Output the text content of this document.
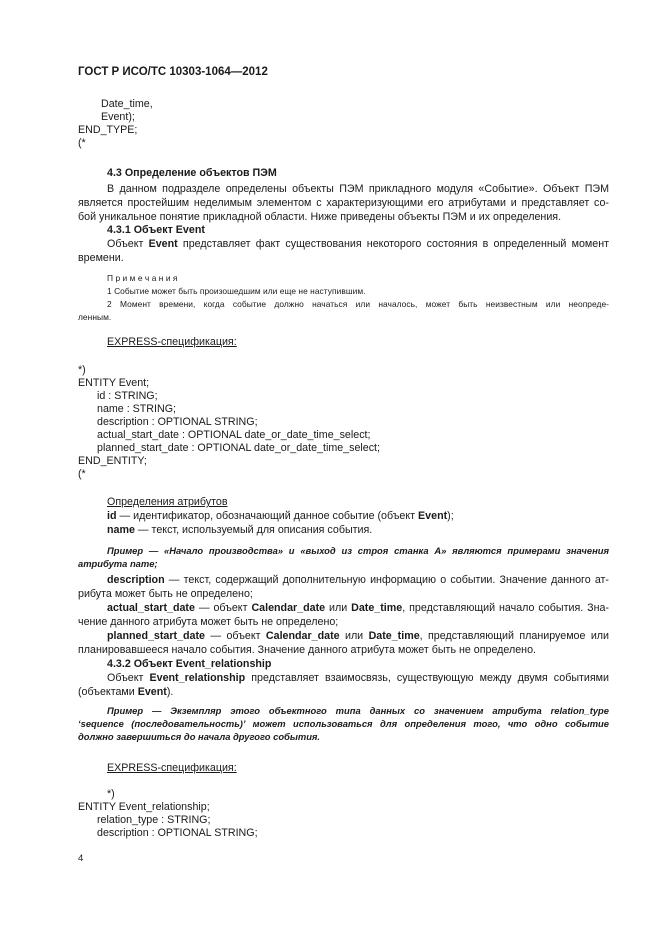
ГОСТ Р ИСО/ТС 10303-1064—2012
Date_time,
Event);
END_TYPE;
(*
4.3 Определение объектов ПЭМ
В данном подразделе определены объекты ПЭМ прикладного модуля «Событие». Объект ПЭМ
является простейшим неделимым элементом с характеризующими его атрибутами и представляет со-
бой уникальное понятие прикладной области. Ниже приведены объекты ПЭМ и их определения.
4.3.1 Объект Event
Объект Event представляет факт существования некоторого состояния в определенный момент
времени.
П р и м е ч а н и я
1 Событие может быть произошедшим или еще не наступившим.
2 Момент времени, когда событие должно начаться или началось, может быть неизвестным или неопреде-
ленным.
EXPRESS-спецификация:
*)
ENTITY Event;
id : STRING;
name : STRING;
description : OPTIONAL STRING;
actual_start_date : OPTIONAL date_or_date_time_select;
planned_start_date : OPTIONAL date_or_date_time_select;
END_ENTITY;
(*
Определения атрибутов
id — идентификатор, обозначающий данное событие (объект Event);
name — текст, используемый для описания события.
Пример — «Начало производства» и «выход из строя станка А» являются примерами значения
атрибута name;
description — текст, содержащий дополнительную информацию о событии. Значение данного ат-
рибута может быть не определено;
actual_start_date — объект Calendar_date или Date_time, представляющий начало события. Зна-
чение данного атрибута может быть не определено;
planned_start_date — объект Calendar_date или Date_time, представляющий планируемое или
планировавшееся начало события. Значение данного атрибута может быть не определено.
4.3.2 Объект Event_relationship
Объект Event_relationship представляет взаимосвязь, существующую между двумя событиями
(объектами Event).
Пример — Экземпляр этого объектного типа данных со значением атрибута relation_type
‘sequence (последовательность)’ может использоваться для определения того, что одно событие
должно завершиться до начала другого события.
EXPRESS-спецификация:
*)
ENTITY Event_relationship;
relation_type : STRING;
description : OPTIONAL STRING;
4
